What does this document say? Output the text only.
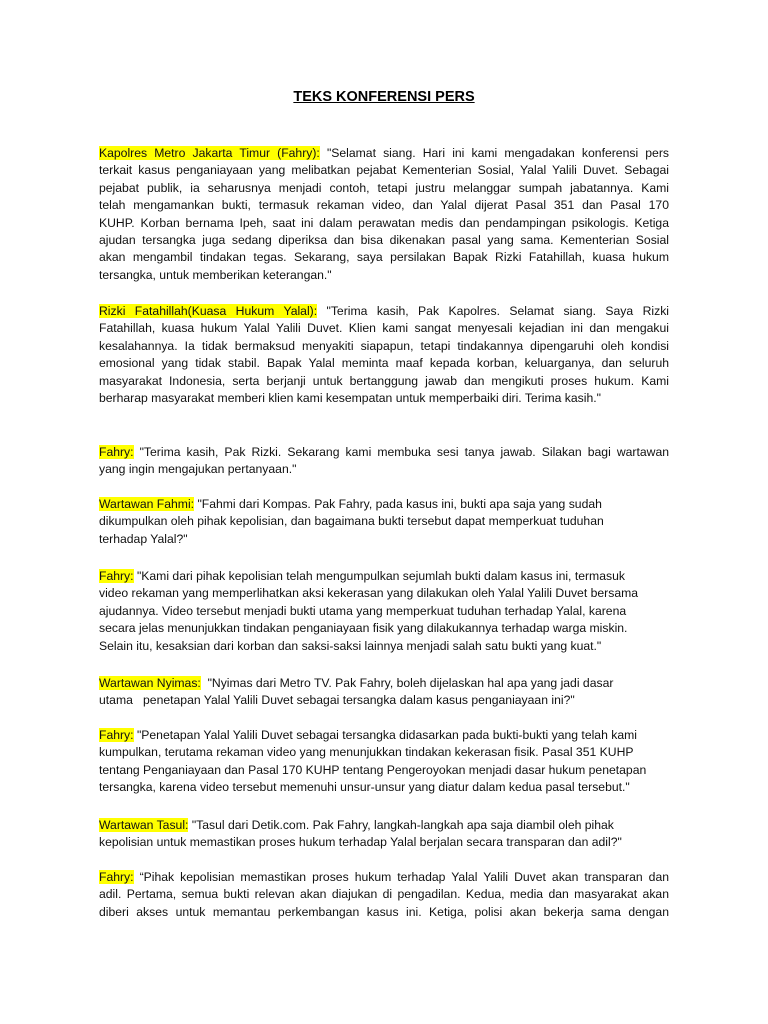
TEKS KONFERENSI PERS
Kapolres Metro Jakarta Timur (Fahry): "Selamat siang. Hari ini kami mengadakan konferensi pers
terkait kasus penganiayaan yang melibatkan pejabat Kementerian Sosial, Yalal Yalili Duvet. Sebagai
pejabat publik, ia seharusnya menjadi contoh, tetapi justru melanggar sumpah jabatannya. Kami
telah mengamankan bukti, termasuk rekaman video, dan Yalal dijerat Pasal 351 dan Pasal 170
KUHP. Korban bernama Ipeh, saat ini dalam perawatan medis dan pendampingan psikologis. Ketiga
ajudan tersangka juga sedang diperiksa dan bisa dikenakan pasal yang sama. Kementerian Sosial
akan mengambil tindakan tegas. Sekarang, saya persilakan Bapak Rizki Fatahillah, kuasa hukum
tersangka, untuk memberikan keterangan."
Rizki Fatahillah(Kuasa Hukum Yalal): "Terima kasih, Pak Kapolres. Selamat siang. Saya Rizki
Fatahillah, kuasa hukum Yalal Yalili Duvet. Klien kami sangat menyesali kejadian ini dan mengakui
kesalahannya. Ia tidak bermaksud menyakiti siapapun, tetapi tindakannya dipengaruhi oleh kondisi
emosional yang tidak stabil. Bapak Yalal meminta maaf kepada korban, keluarganya, dan seluruh
masyarakat Indonesia, serta berjanji untuk bertanggung jawab dan mengikuti proses hukum. Kami
berharap masyarakat memberi klien kami kesempatan untuk memperbaiki diri. Terima kasih."
Fahry: "Terima kasih, Pak Rizki. Sekarang kami membuka sesi tanya jawab. Silakan bagi wartawan
yang ingin mengajukan pertanyaan."
Wartawan Fahmi: "Fahmi dari Kompas. Pak Fahry, pada kasus ini, bukti apa saja yang sudah
dikumpulkan oleh pihak kepolisian, dan bagaimana bukti tersebut dapat memperkuat tuduhan
terhadap Yalal?"
Fahry: "Kami dari pihak kepolisian telah mengumpulkan sejumlah bukti dalam kasus ini, termasuk
video rekaman yang memperlihatkan aksi kekerasan yang dilakukan oleh Yalal Yalili Duvet bersama
ajudannya. Video tersebut menjadi bukti utama yang memperkuat tuduhan terhadap Yalal, karena
secara jelas menunjukkan tindakan penganiayaan fisik yang dilakukannya terhadap warga miskin.
Selain itu, kesaksian dari korban dan saksi-saksi lainnya menjadi salah satu bukti yang kuat."
Wartawan Nyimas:  "Nyimas dari Metro TV. Pak Fahry, boleh dijelaskan hal apa yang jadi dasar
utama   penetapan Yalal Yalili Duvet sebagai tersangka dalam kasus penganiayaan ini?"
Fahry: "Penetapan Yalal Yalili Duvet sebagai tersangka didasarkan pada bukti-bukti yang telah kami
kumpulkan, terutama rekaman video yang menunjukkan tindakan kekerasan fisik. Pasal 351 KUHP
tentang Penganiayaan dan Pasal 170 KUHP tentang Pengeroyokan menjadi dasar hukum penetapan
tersangka, karena video tersebut memenuhi unsur-unsur yang diatur dalam kedua pasal tersebut."
Wartawan Tasul: "Tasul dari Detik.com. Pak Fahry, langkah-langkah apa saja diambil oleh pihak
kepolisian untuk memastikan proses hukum terhadap Yalal berjalan secara transparan dan adil?"
Fahry: “Pihak kepolisian memastikan proses hukum terhadap Yalal Yalili Duvet akan transparan dan
adil. Pertama, semua bukti relevan akan diajukan di pengadilan. Kedua, media dan masyarakat akan
diberi akses untuk memantau perkembangan kasus ini. Ketiga, polisi akan bekerja sama dengan
